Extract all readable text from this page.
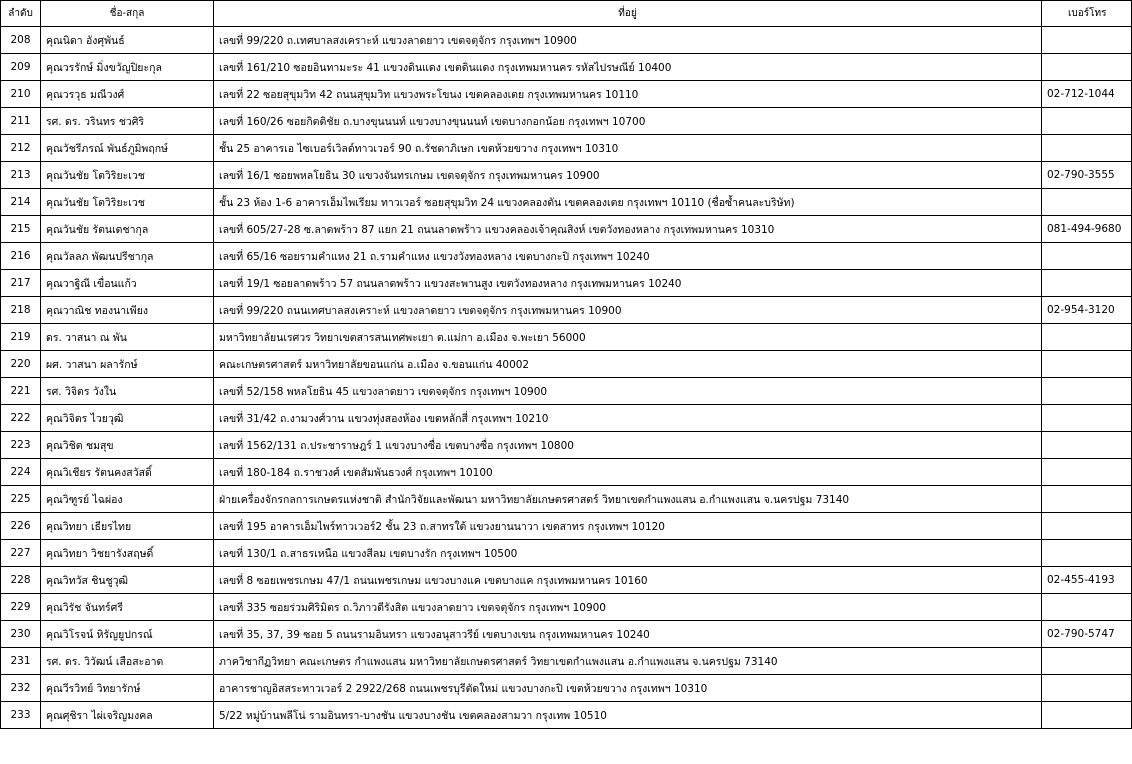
ลำดับ	ชื่อ-สกุล	ที่อยู่	เบอร์โทร
208	คุณนิดา อังศุพันธ์	เลขที่ 99/220 ถ.เทศบาลสงเคราะห์ แขวงลาดยาว เขตจตุจักร กรุงเทพฯ 10900	
209	คุณวรรักษ์ มิ่งขวัญปิยะกุล	เลขที่ 161/210 ซอยอินทามะระ 41 แขวงดินแดง เขตดินแดง กรุงเทพมหานคร รหัสไปรษณีย์ 10400	
210	คุณวรวุธ มณีวงศ์	เลขที่ 22 ซอยสุขุมวิท 42 ถนนสุขุมวิท แขวงพระโขนง เขตคลองเตย กรุงเทพมหานคร 10110	02-712-1044
211	รศ. ดร. วรินทร ชวศิริ	เลขที่ 160/26 ซอยกิตติชัย ถ.บางขุนนนท์ แขวงบางขุนนนท์ เขตบางกอกน้อย กรุงเทพฯ 10700	
212	คุณวัชรีภรณ์ พันธ์ภูมิพฤกษ์	ชั้น 25 อาคารเอ ไซเบอร์เวิลด์ทาวเวอร์ 90 ถ.รัชดาภิเษก เขตห้วยขวาง กรุงเทพฯ 10310	
213	คุณวันชัย โตวิริยะเวช	เลขที่ 16/1 ซอยพหลโยธิน 30 แขวงจันทรเกษม เขตจตุจักร กรุงเทพมหานคร 10900	02-790-3555
214	คุณวันชัย โตวิริยะเวช	ชั้น 23 ห้อง 1-6 อาคารเอ็มไพเรียม ทาวเวอร์ ซอยสุขุมวิท 24 แขวงคลองตัน เขตคลองเตย กรุงเทพฯ 10110 (ชื่อซ้ำคนละบริษัท)	
215	คุณวันชัย รัตนเดชากุล	เลขที่ 605/27-28 ซ.ลาดพร้าว 87 แยก 21 ถนนลาดพร้าว แขวงคลองเจ้าคุณสิงห์ เขตวังทองหลาง กรุงเทพมหานคร 10310	081-494-9680
216	คุณวัลลภ พัฒนปรีชากุล	เลขที่ 65/16 ซอยรามคำแหง 21 ถ.รามคำแหง แขวงวังทองหลาง เขตบางกะปิ กรุงเทพฯ 10240	
217	คุณวาฐิณี เขื่อนแก้ว	เลขที่ 19/1 ซอยลาดพร้าว 57 ถนนลาดพร้าว แขวงสะพานสูง เขตวังทองหลาง กรุงเทพมหานคร 10240	
218	คุณวาณิช ทองนาเพียง	เลขที่ 99/220 ถนนเทศบาลสงเคราะห์ แขวงลาดยาว เขตจตุจักร กรุงเทพมหานคร 10900	02-954-3120
219	ดร. วาสนา ณ พัน	มหาวิทยาลัยนเรศวร วิทยาเขตสารสนเทศพะเยา ต.แม่กา อ.เมือง จ.พะเยา 56000	
220	ผศ. วาสนา ผลารักษ์	คณะเกษตรศาสตร์ มหาวิทยาลัยขอนแก่น อ.เมือง จ.ขอนแก่น 40002	
221	รศ. วิจิตร วังใน	เลขที่ 52/158 พหลโยธิน 45 แขวงลาดยาว เขตจตุจักร กรุงเทพฯ 10900	
222	คุณวิจิตร ไวยวุฒิ	เลขที่ 31/42 ถ.งามวงศ์วาน แขวงทุ่งสองห้อง เขตหลักสี่ กรุงเทพฯ 10210	
223	คุณวิชิต ชมสุข	เลขที่ 1562/131 ถ.ประชาราษฎร์ 1 แขวงบางซื่อ เขตบางซื่อ กรุงเทพฯ 10800	
224	คุณวิเชียร รัตนคงสวัสดิ์	เลขที่ 180-184 ถ.ราชวงศ์ เขตสัมพันธวงศ์ กรุงเทพฯ 10100	
225	คุณวิฑูรย์ ไฉผ่อง	ฝ่ายเครื่องจักรกลการเกษตรแห่งชาติ สำนักวิจัยและพัฒนา มหาวิทยาลัยเกษตรศาสตร์ วิทยาเขตกำแพงแสน อ.กำแพงแสน จ.นครปฐม 73140	
226	คุณวิทยา เธียรไทย	เลขที่ 195 อาคารเอ็มไพร์ทาวเวอร์2 ชั้น 23 ถ.สาทรใต้ แขวงยานนาวา เขตสาทร กรุงเทพฯ 10120	
227	คุณวิทยา วิชยารังสฤษดิ์	เลขที่ 130/1 ถ.สาธรเหนือ แขวงสีลม เขตบางรัก กรุงเทพฯ 10500	
228	คุณวิทวัส ชินชูวุฒิ	เลขที่ 8 ซอยเพชรเกษม 47/1 ถนนเพชรเกษม แขวงบางแค เขตบางแค กรุงเทพมหานคร 10160	02-455-4193
229	คุณวิรัช จันทร์ศรี	เลขที่ 335 ซอยร่วมศิริมิตร ถ.วิภาวดีรังสิต แขวงลาดยาว เขตจตุจักร กรุงเทพฯ 10900	
230	คุณวิโรจน์ หิรัญยูปกรณ์	เลขที่ 35, 37, 39 ซอย 5 ถนนรามอินทรา แขวงอนุสาวรีย์ เขตบางเขน กรุงเทพมหานคร 10240	02-790-5747
231	รศ. ดร. วิวัฒน์ เสือสะอาด	ภาควิชากีฏวิทยา คณะเกษตร กำแพงแสน มหาวิทยาลัยเกษตรศาสตร์ วิทยาเขตกำแพงแสน อ.กำแพงแสน จ.นครปฐม 73140	
232	คุณวีรวิทย์ วิทยารักษ์	อาคารชาญอิสสระทาวเวอร์ 2 2922/268 ถนนเพชรบุรีตัดใหม่ แขวงบางกะปิ เขตห้วยขวาง กรุงเทพฯ 10310	
233	คุณศุชิรา ไผ่เจริญมงคล	5/22 หมู่บ้านพลีโน่ รามอินทรา-บางชัน แขวงบางชัน เขตคลองสามวา กรุงเทพ 10510	
